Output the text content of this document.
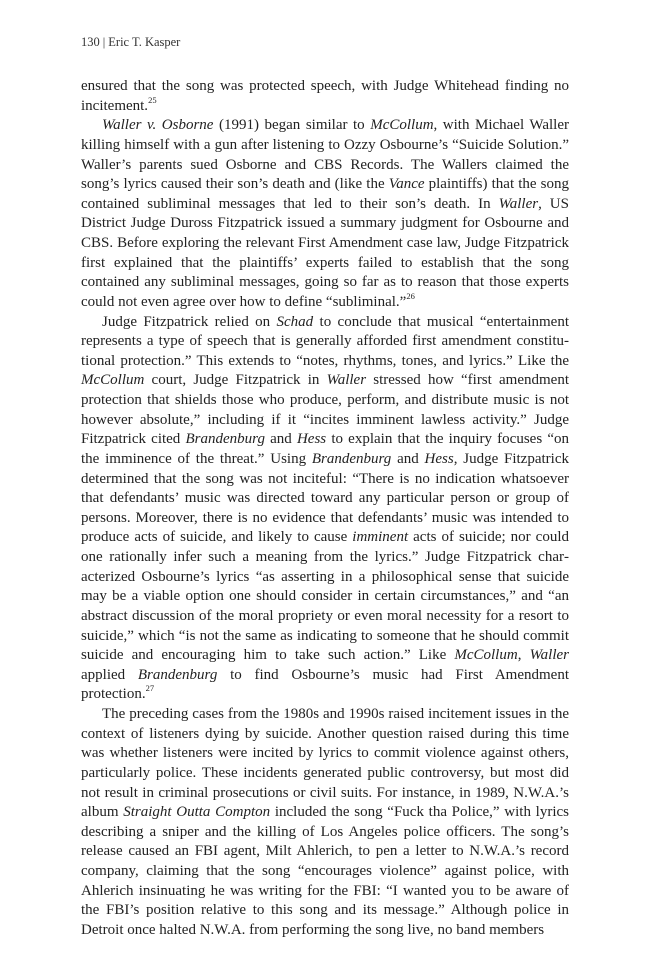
130 | Eric T. Kasper

ensured that the song was protected speech, with Judge Whitehead finding no incitement.$^{25}$

Waller v. Osborne (1991) began similar to McCollum, with Michael Waller killing himself with a gun after listening to Ozzy Osbourne’s “Suicide Solution.” Waller’s parents sued Osborne and CBS Records. The Wallers claimed the song’s lyrics caused their son’s death and (like the Vance plaintiffs) that the song contained subliminal messages that led to their son’s death. In Waller, US District Judge Duross Fitzpatrick issued a summary judgment for Osbourne and CBS. Before exploring the relevant First Amendment case law, Judge Fitzpatrick first explained that the plaintiffs’ experts failed to establish that the song contained any subliminal messages, going so far as to reason that those experts could not even agree over how to define “subliminal.”$^{26}$

Judge Fitzpatrick relied on Schad to conclude that musical “entertainment represents a type of speech that is generally afforded first amendment constitutional protection.” This extends to “notes, rhythms, tones, and lyrics.” Like the McCollum court, Judge Fitzpatrick in Waller stressed how “first amendment protection that shields those who produce, perform, and distribute music is not however absolute,” including if it “incites imminent lawless activity.” Judge Fitzpatrick cited Brandenburg and Hess to explain that the inquiry focuses “on the imminence of the threat.” Using Brandenburg and Hess, Judge Fitzpatrick determined that the song was not inciteful: “There is no indication whatsoever that defendants’ music was directed toward any particular person or group of persons. Moreover, there is no evidence that defendants’ music was intended to produce acts of suicide, and likely to cause imminent acts of suicide; nor could one rationally infer such a meaning from the lyrics.” Judge Fitzpatrick characterized Osbourne’s lyrics “as asserting in a philosophical sense that suicide may be a viable option one should consider in certain circumstances,” and “an abstract discussion of the moral propriety or even moral necessity for a resort to suicide,” which “is not the same as indicating to someone that he should commit suicide and encouraging him to take such action.” Like McCollum, Waller applied Brandenburg to find Osbourne’s music had First Amendment protection.$^{27}$

The preceding cases from the 1980s and 1990s raised incitement issues in the context of listeners dying by suicide. Another question raised during this time was whether listeners were incited by lyrics to commit violence against others, particularly police. These incidents generated public controversy, but most did not result in criminal prosecutions or civil suits. For instance, in 1989, N.W.A.’s album Straight Outta Compton included the song “Fuck tha Police,” with lyrics describing a sniper and the killing of Los Angeles police officers. The song’s release caused an FBI agent, Milt Ahlerich, to pen a letter to N.W.A.’s record company, claiming that the song “encourages violence” against police, with Ahlerich insinuating he was writing for the FBI: “I wanted you to be aware of the FBI’s position relative to this song and its message.” Although police in Detroit once halted N.W.A. from performing the song live, no band members
